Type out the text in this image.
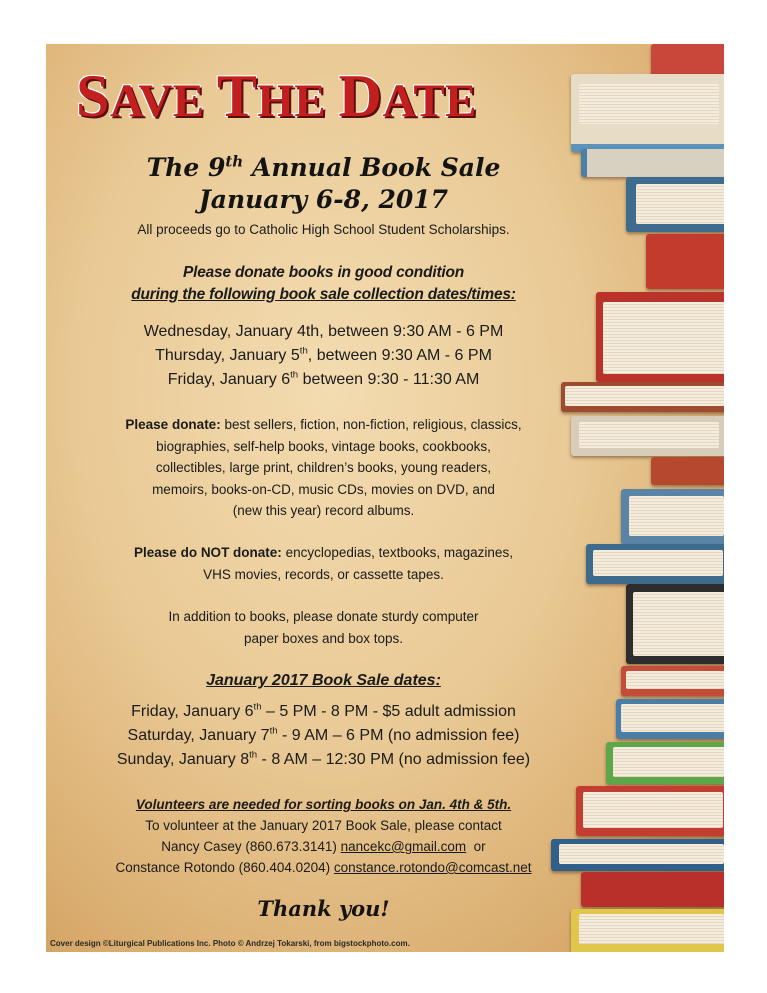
SAVE THE DATE
The 9th Annual Book Sale
January 6-8, 2017
All proceeds go to Catholic High School Student Scholarships.
Please donate books in good condition
during the following book sale collection dates/times:
Wednesday, January 4th, between 9:30 AM - 6 PM
Thursday, January 5th, between 9:30 AM - 6 PM
Friday, January 6th between 9:30 - 11:30 AM
Please donate: best sellers, fiction, non-fiction, religious, classics,
biographies, self-help books, vintage books, cookbooks,
collectibles, large print, children’s books, young readers,
memoirs, books-on-CD, music CDs, movies on DVD, and
(new this year) record albums.
Please do NOT donate: encyclopedias, textbooks, magazines,
VHS movies, records, or cassette tapes.
In addition to books, please donate sturdy computer
paper boxes and box tops.
January 2017 Book Sale dates:
Friday, January 6th – 5 PM - 8 PM - $5 adult admission
Saturday, January 7th - 9 AM – 6 PM (no admission fee)
Sunday, January 8th - 8 AM – 12:30 PM (no admission fee)
Volunteers are needed for sorting books on Jan. 4th & 5th.
To volunteer at the January 2017 Book Sale, please contact
Nancy Casey (860.673.3141) nancekc@gmail.com  or
Constance Rotondo (860.404.0204) constance.rotondo@comcast.net
Thank you!
Cover design ©Liturgical Publications Inc. Photo © Andrzej Tokarski, from bigstockphoto.com.
